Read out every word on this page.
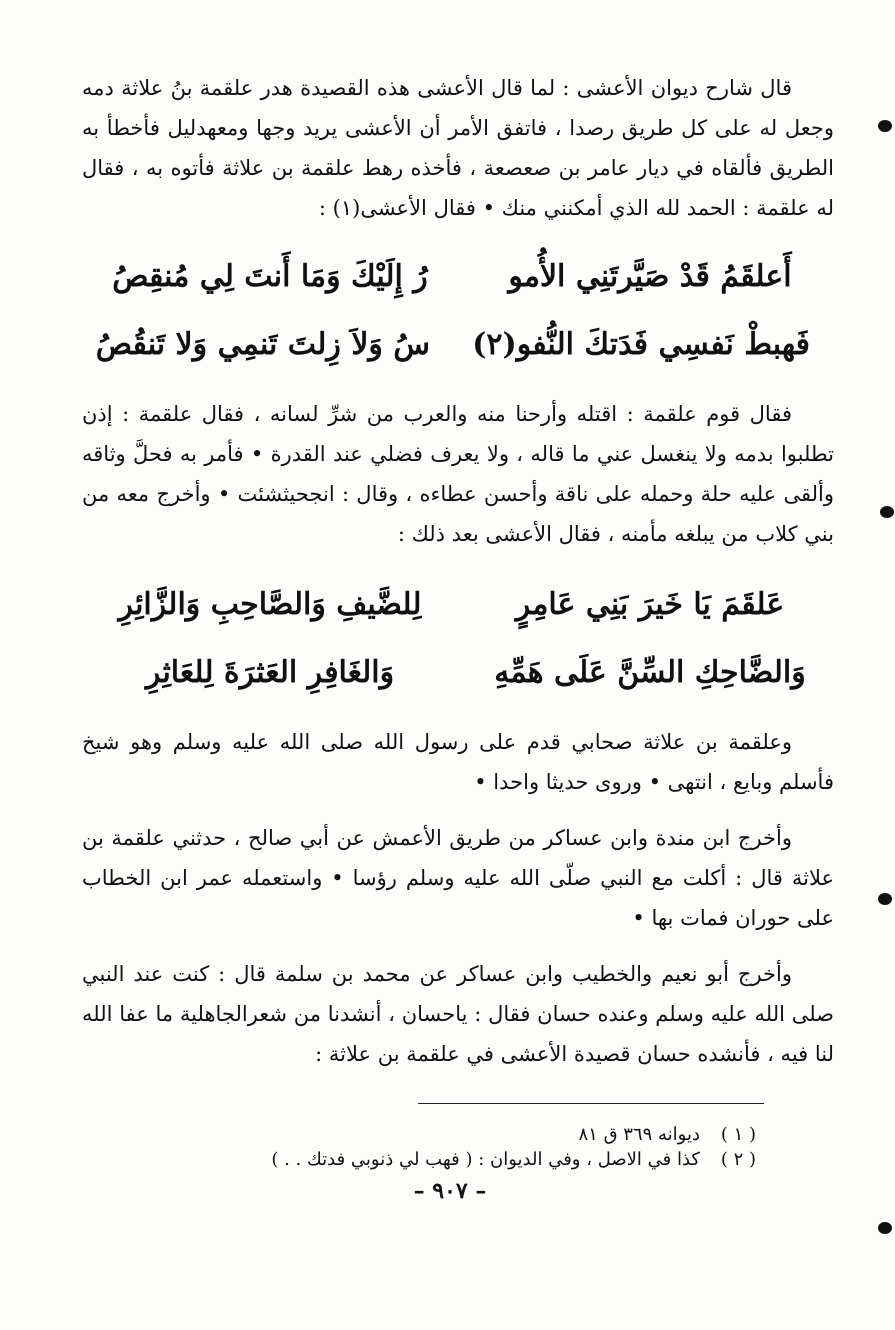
قال شارح ديوان الأعشى : لما قال الأعشى هذه القصيدة هدر علقمة بنُ علاثة دمه وجعل له على كل طريق رصدا ، فاتفق الأمر أن الأعشى يريد وجها ومعهدليل فأخطأ به الطريق فألقاه في ديار عامر بن صعصعة ، فأخذه رهط علقمة بن علاثة فأتوه به ، فقال له علقمة : الحمد لله الذي أمكنني منك • فقال الأعشى(١) :

أَعلقَمُ قَدْ صَيَّرتَنِي الأُمو
رُ إِلَيْكَ وَمَا أَنتَ لِي مُنقِصُ
فَهبطْ نَفسِي فَدَتكَ النُّفو(٢)
سُ وَلاَ زِلتَ تَنمِي وَلا تَنقُصُ

فقال قوم علقمة : اقتله وأرحنا منه والعرب من شرِّ لسانه ، فقال علقمة : إذن تطلبوا بدمه ولا ينغسل عني ما قاله ، ولا يعرف فضلي عند القدرة • فأمر به فحلَّ وثاقه وألقى عليه حلة وحمله على ناقة وأحسن عطاءه ، وقال : انجحيثشئت • وأخرج معه من بني كلاب من يبلغه مأمنه ، فقال الأعشى بعد ذلك :

عَلقَمَ يَا خَيرَ بَنِي عَامِرٍ
لِلضَّيفِ وَالصَّاحِبِ وَالزَّائِرِ
وَالضَّاحِكِ السِّنَّ عَلَى هَمِّهِ
وَالغَافِرِ العَثرَةَ لِلعَاثِرِ

وعلقمة بن علاثة صحابي قدم على رسول الله صلى الله عليه وسلم وهو شيخ فأسلم وبايع ، انتهى • وروى حديثا واحدا •

وأخرج ابن مندة وابن عساكر من طريق الأعمش عن أبي صالح ، حدثني علقمة بن علاثة قال : أكلت مع النبي صلّى الله عليه وسلم رؤسا • واستعمله عمر ابن الخطاب على حوران فمات بها •

وأخرج أبو نعيم والخطيب وابن عساكر عن محمد بن سلمة قال : كنت عند النبي صلى الله عليه وسلم وعنده حسان فقال : ياحسان ، أنشدنا من شعرالجاهلية ما عفا الله لنا فيه ، فأنشده حسان قصيدة الأعشى في علقمة بن علاثة :

( ١ )
ديوانه ٣٦٩ ق ٨١
( ٢ )
كذا في الاصل ، وفي الديوان : ( فهب لي ذنوبي فدتك . . )
– ٩٠٧ –
